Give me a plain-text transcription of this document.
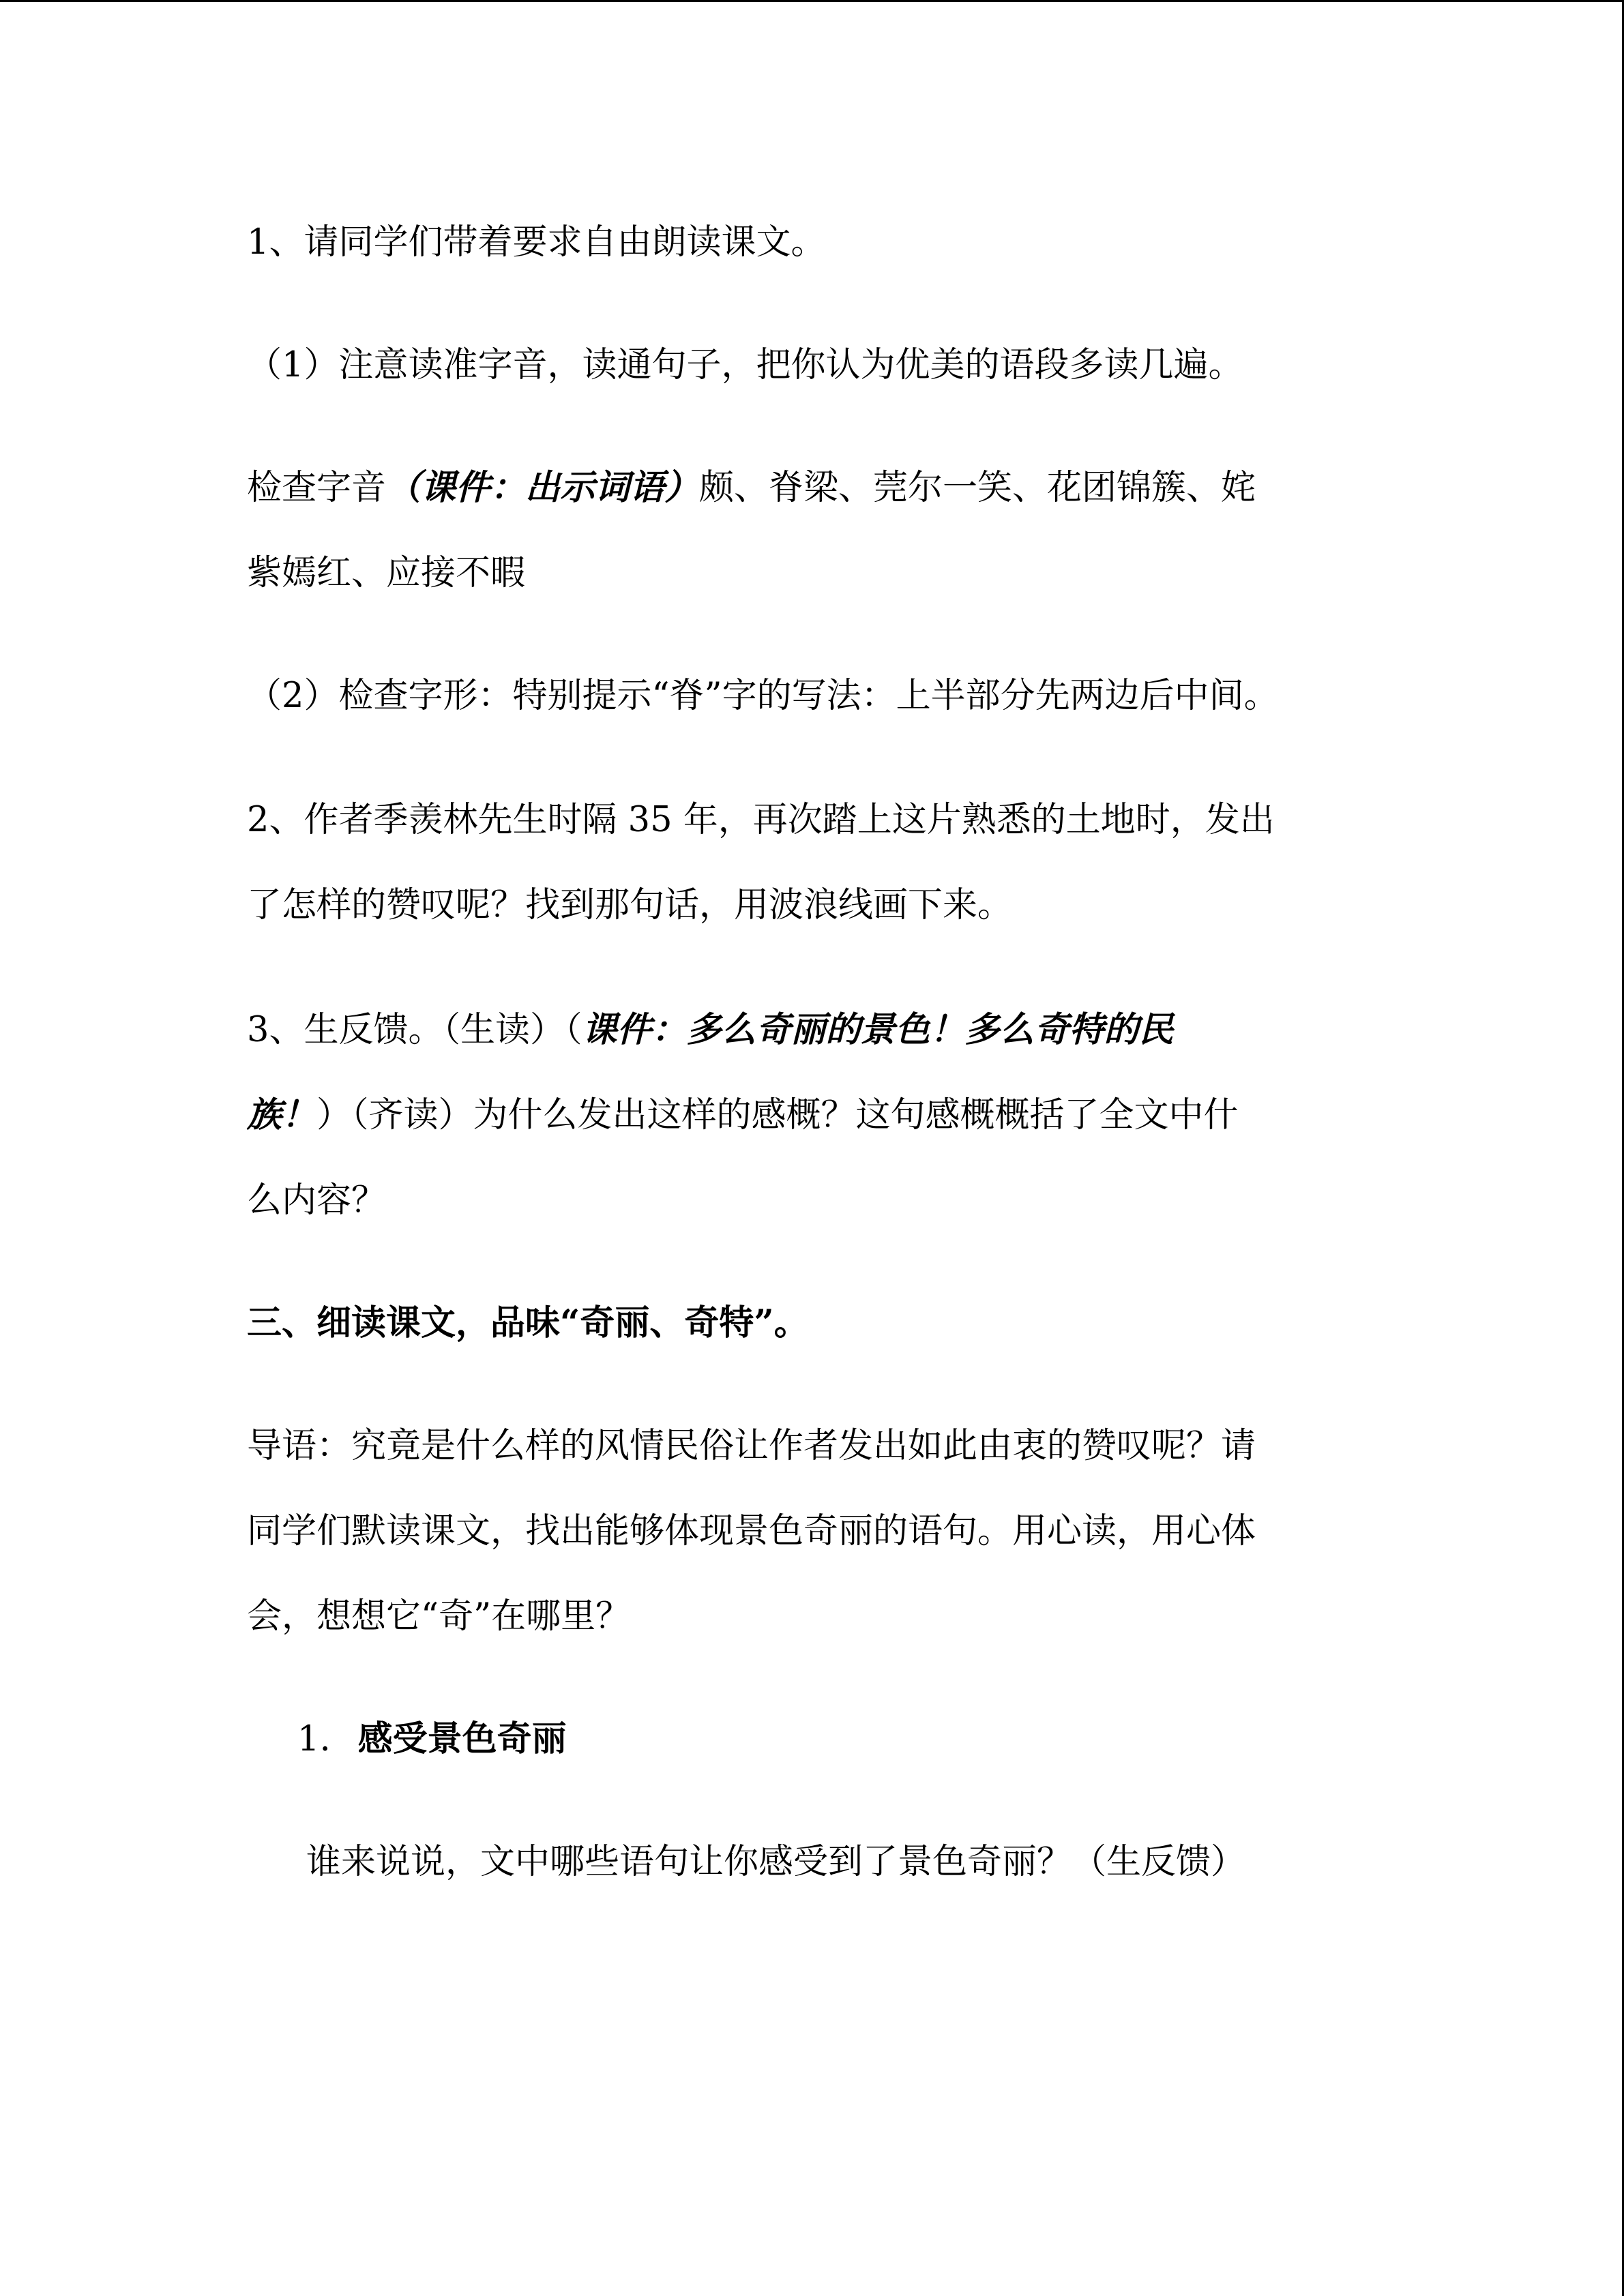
1、请同学们带着要求自由朗读课文。

（1）注意读准字音，读通句子，把你认为优美的语段多读几遍。

检查字音（课件：出示词语）颇、脊梁、莞尔一笑、花团锦簇、姹
紫嫣红、应接不暇

（2）检查字形：特别提示“脊”字的写法：上半部分先两边后中间。

2、作者季羡林先生时隔 35 年，再次踏上这片熟悉的土地时，发出
了怎样的赞叹呢？找到那句话，用波浪线画下来。

3、生反馈。（生读）（课件：多么奇丽的景色！多么奇特的民
族！）（齐读）为什么发出这样的感概？这句感概概括了全文中什
么内容？

三、细读课文，品味“奇丽、奇特”。

导语：究竟是什么样的风情民俗让作者发出如此由衷的赞叹呢？请
同学们默读课文，找出能够体现景色奇丽的语句。用心读，用心体
会，想想它“奇”在哪里？

1. 感受景色奇丽

谁来说说，文中哪些语句让你感受到了景色奇丽？（生反馈）
